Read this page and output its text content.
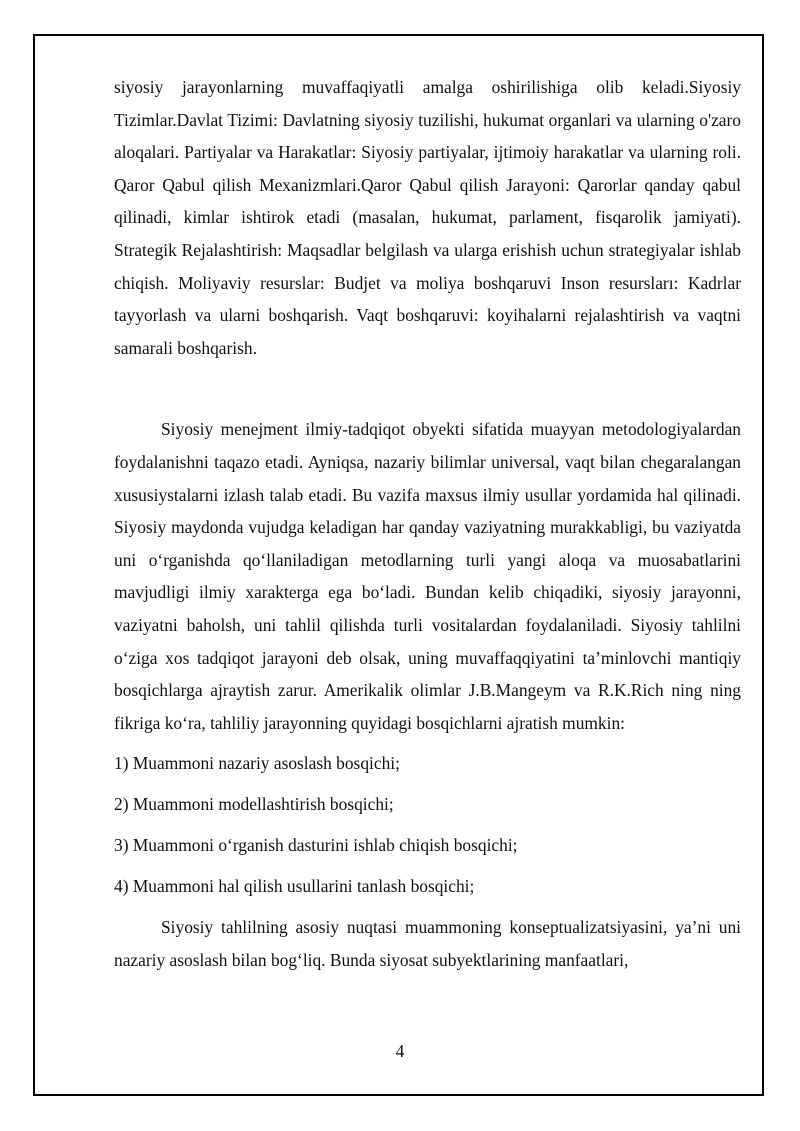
siyosiy jarayonlarning muvaffaqiyatli amalga oshirilishiga olib keladi.Siyosiy Tizimlar.Davlat Tizimi: Davlatning siyosiy tuzilishi, hukumat organlari va ularning o'zaro aloqalari. Partiyalar va Harakatlar: Siyosiy partiyalar, ijtimoiy harakatlar va ularning roli. Qaror Qabul qilish Mexanizmlari.Qaror Qabul qilish Jarayoni: Qarorlar qanday qabul qilinadi, kimlar ishtirok etadi (masalan, hukumat, parlament, fisqarolik jamiyati). Strategik Rejalashtirish: Maqsadlar belgilash va ularga erishish uchun strategiyalar ishlab chiqish. Moliyaviy resurslar: Budjet va moliya boshqaruvi Inson resursları: Kadrlar tayyorlash va ularni boshqarish. Vaqt boshqaruvi: koyihalarni rejalashtirish va vaqtni samarali boshqarish.

Siyosiy menejment ilmiy-tadqiqot obyekti sifatida muayyan metodologiyalardan foydalanishni taqazo etadi. Ayniqsa, nazariy bilimlar universal, vaqt bilan chegaralangan xususiystalarni izlash talab etadi. Bu vazifa maxsus ilmiy usullar yordamida hal qilinadi. Siyosiy maydonda vujudga keladigan har qanday vaziyatning murakkabligi, bu vaziyatda uni o‘rganishda qo‘llaniladigan metodlarning turli yangi aloqa va muosabatlarini mavjudligi ilmiy xarakterga ega bo‘ladi. Bundan kelib chiqadiki, siyosiy jarayonni, vaziyatni baholsh, uni tahlil qilishda turli vositalardan foydalaniladi. Siyosiy tahlilni o‘ziga xos tadqiqot jarayoni deb olsak, uning muvaffaqqiyatini ta’minlovchi mantiqiy bosqichlarga ajraytish zarur. Amerikalik olimlar J.B.Mangeym va R.K.Rich ning ning fikriga ko‘ra, tahliliy jarayonning quyidagi bosqichlarni ajratish mumkin:

1) Muammoni nazariy asoslash bosqichi;
2) Muammoni modellashtirish bosqichi;
3) Muammoni o‘rganish dasturini ishlab chiqish bosqichi;
4) Muammoni hal qilish usullarini tanlash bosqichi;

Siyosiy tahlilning asosiy nuqtasi muammoning konseptualizatsiyasini, ya’ni uni nazariy asoslash bilan bog‘liq. Bunda siyosat subyektlarining manfaatlari,

4
